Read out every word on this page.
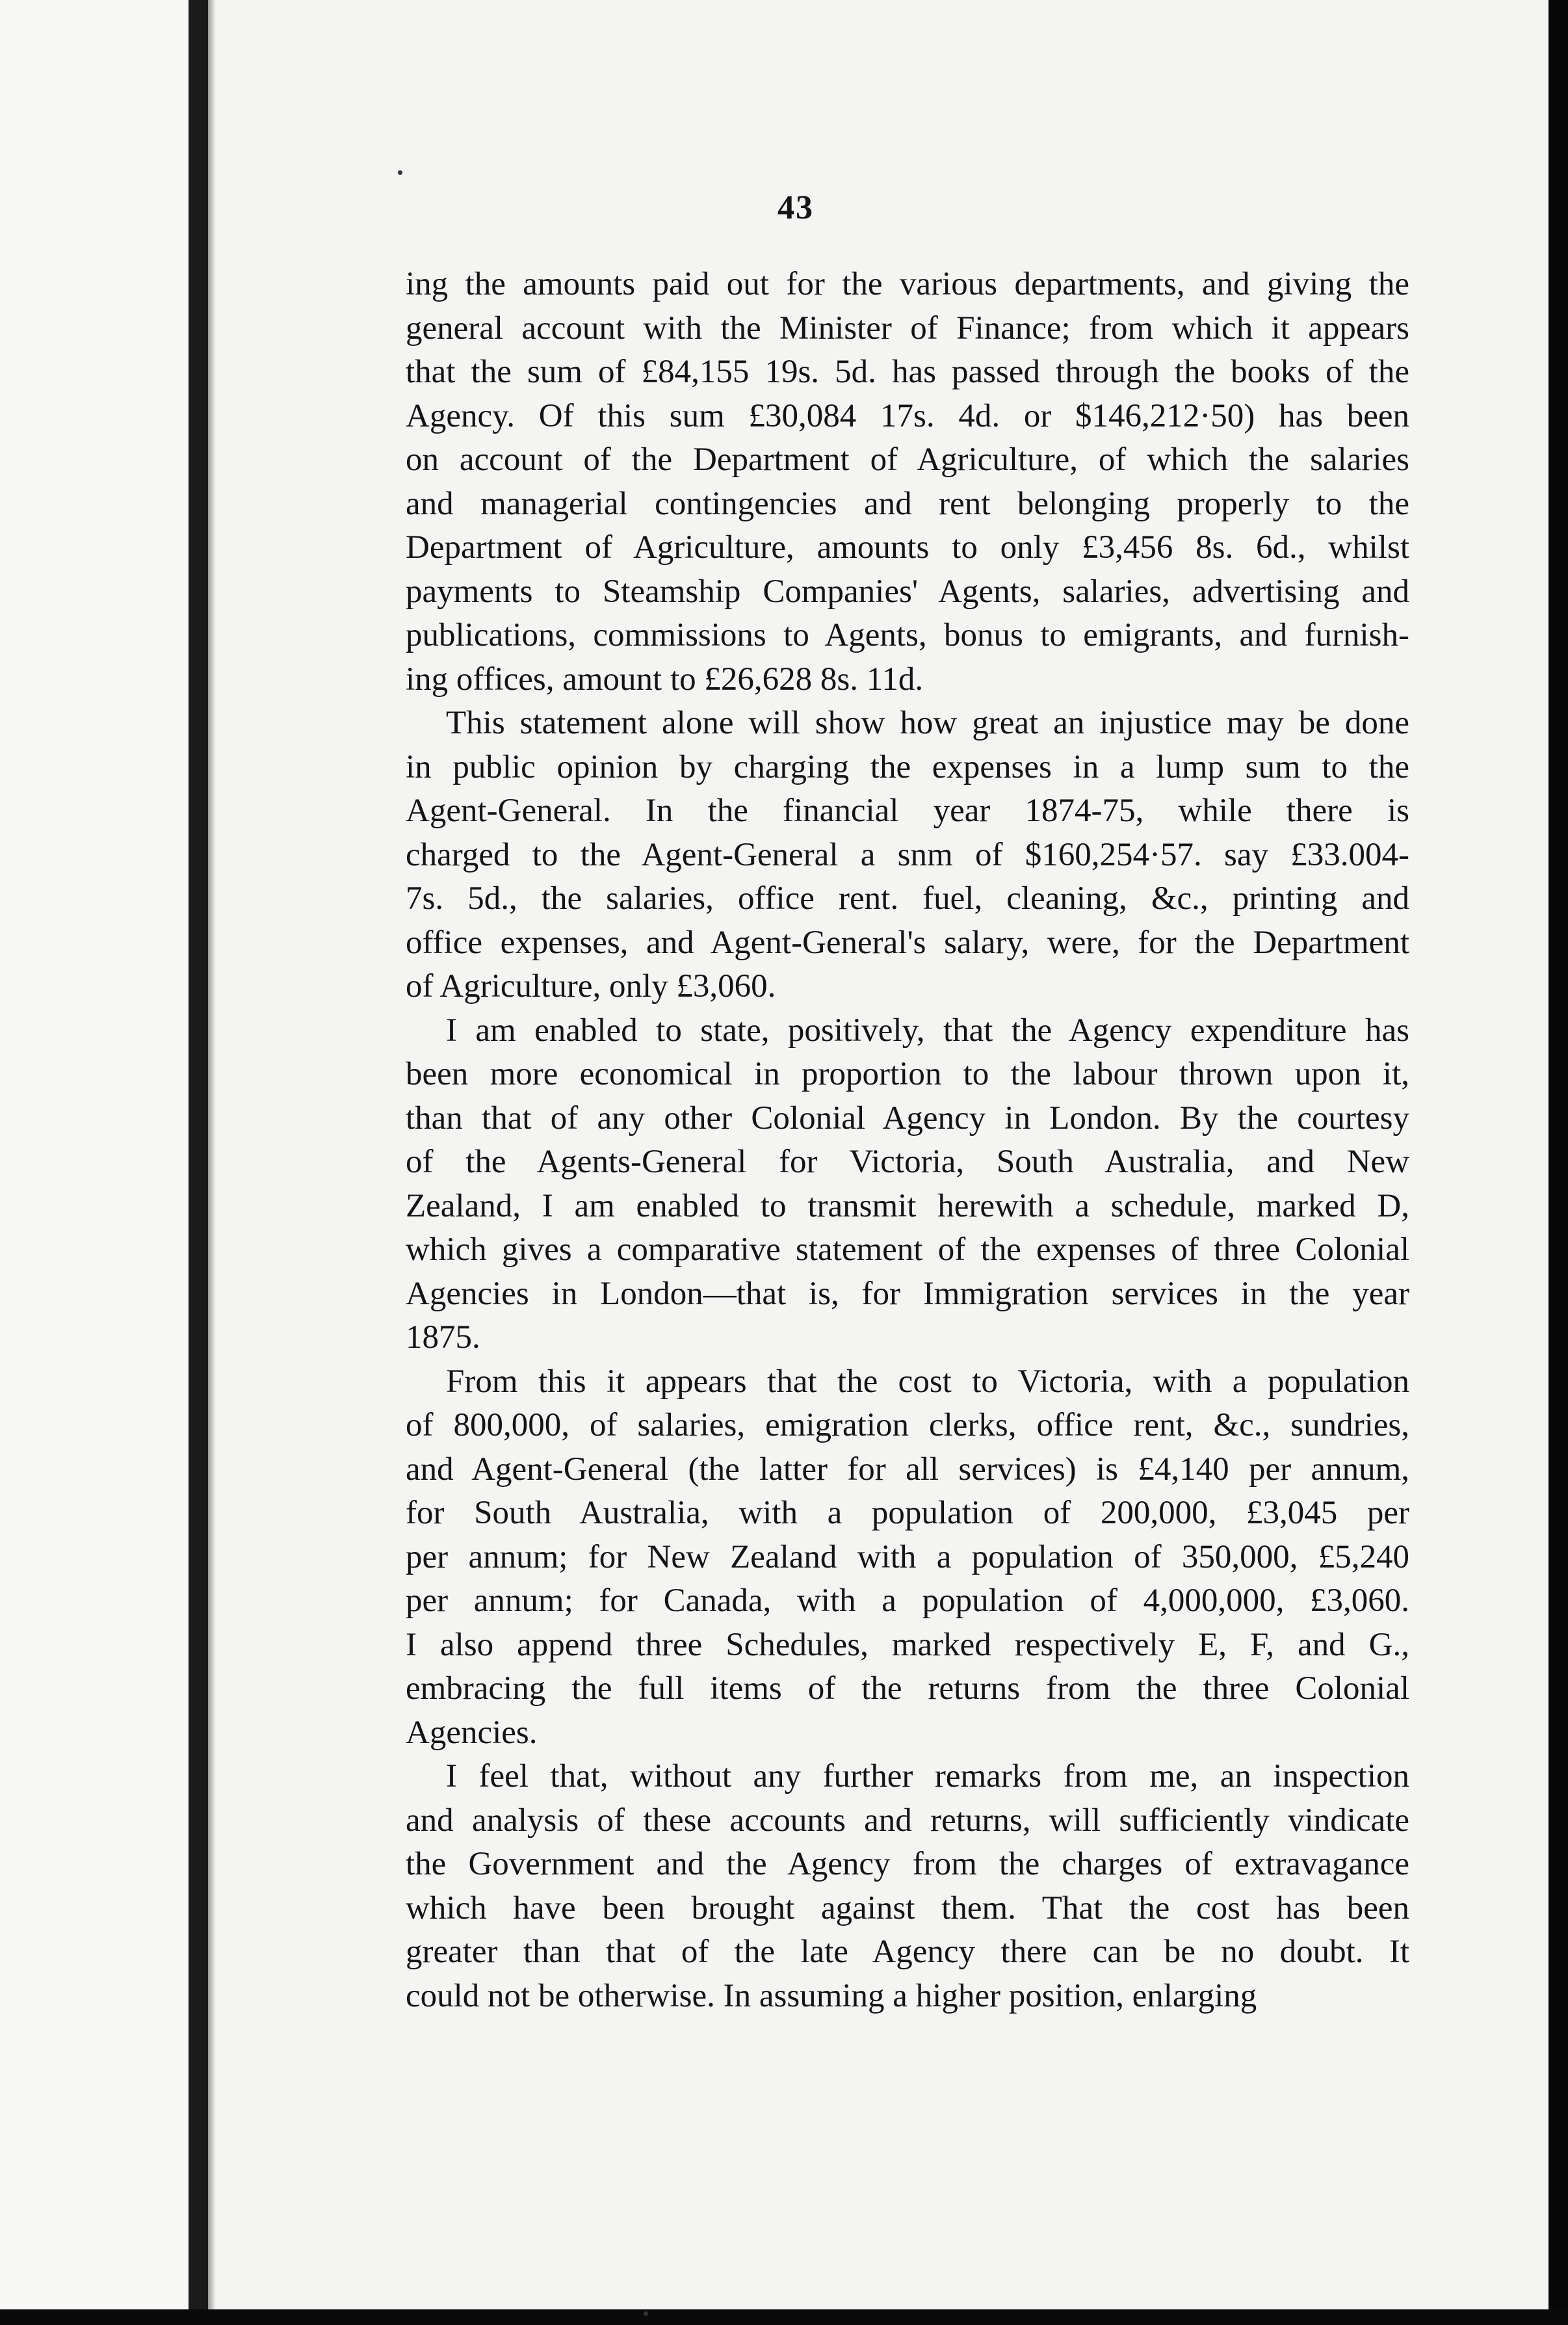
43

ing the amounts paid out for the various departments, and giving the
general account with the Minister of Finance; from which it appears
that the sum of £84,155 19s. 5d. has passed through the books of the
Agency. Of this sum £30,084 17s. 4d. or $146,212·50) has been
on account of the Department of Agriculture, of which the salaries
and managerial contingencies and rent belonging properly to the
Department of Agriculture, amounts to only £3,456 8s. 6d., whilst
payments to Steamship Companies' Agents, salaries, advertising and
publications, commissions to Agents, bonus to emigrants, and furnish-
ing offices, amount to £26,628 8s. 11d.

This statement alone will show how great an injustice may be done
in public opinion by charging the expenses in a lump sum to the
Agent-General. In the financial year 1874-75, while there is
charged to the Agent-General a snm of $160,254·57. say £33.004-
7s. 5d., the salaries, office rent. fuel, cleaning, &c., printing and
office expenses, and Agent-General's salary, were, for the Department
of Agriculture, only £3,060.

I am enabled to state, positively, that the Agency expenditure has
been more economical in proportion to the labour thrown upon it,
than that of any other Colonial Agency in London. By the courtesy
of the Agents-General for Victoria, South Australia, and New
Zealand, I am enabled to transmit herewith a schedule, marked D,
which gives a comparative statement of the expenses of three Colonial
Agencies in London—that is, for Immigration services in the year
1875.

From this it appears that the cost to Victoria, with a population
of 800,000, of salaries, emigration clerks, office rent, &c., sundries,
and Agent-General (the latter for all services) is £4,140 per annum,
for South Australia, with a population of 200,000, £3,045 per
per annum; for New Zealand with a population of 350,000, £5,240
per annum; for Canada, with a population of 4,000,000, £3,060.
I also append three Schedules, marked respectively E, F, and G.,
embracing the full items of the returns from the three Colonial
Agencies.

I feel that, without any further remarks from me, an inspection
and analysis of these accounts and returns, will sufficiently vindicate
the Government and the Agency from the charges of extravagance
which have been brought against them. That the cost has been
greater than that of the late Agency there can be no doubt. It
could not be otherwise. In assuming a higher position, enlarging
